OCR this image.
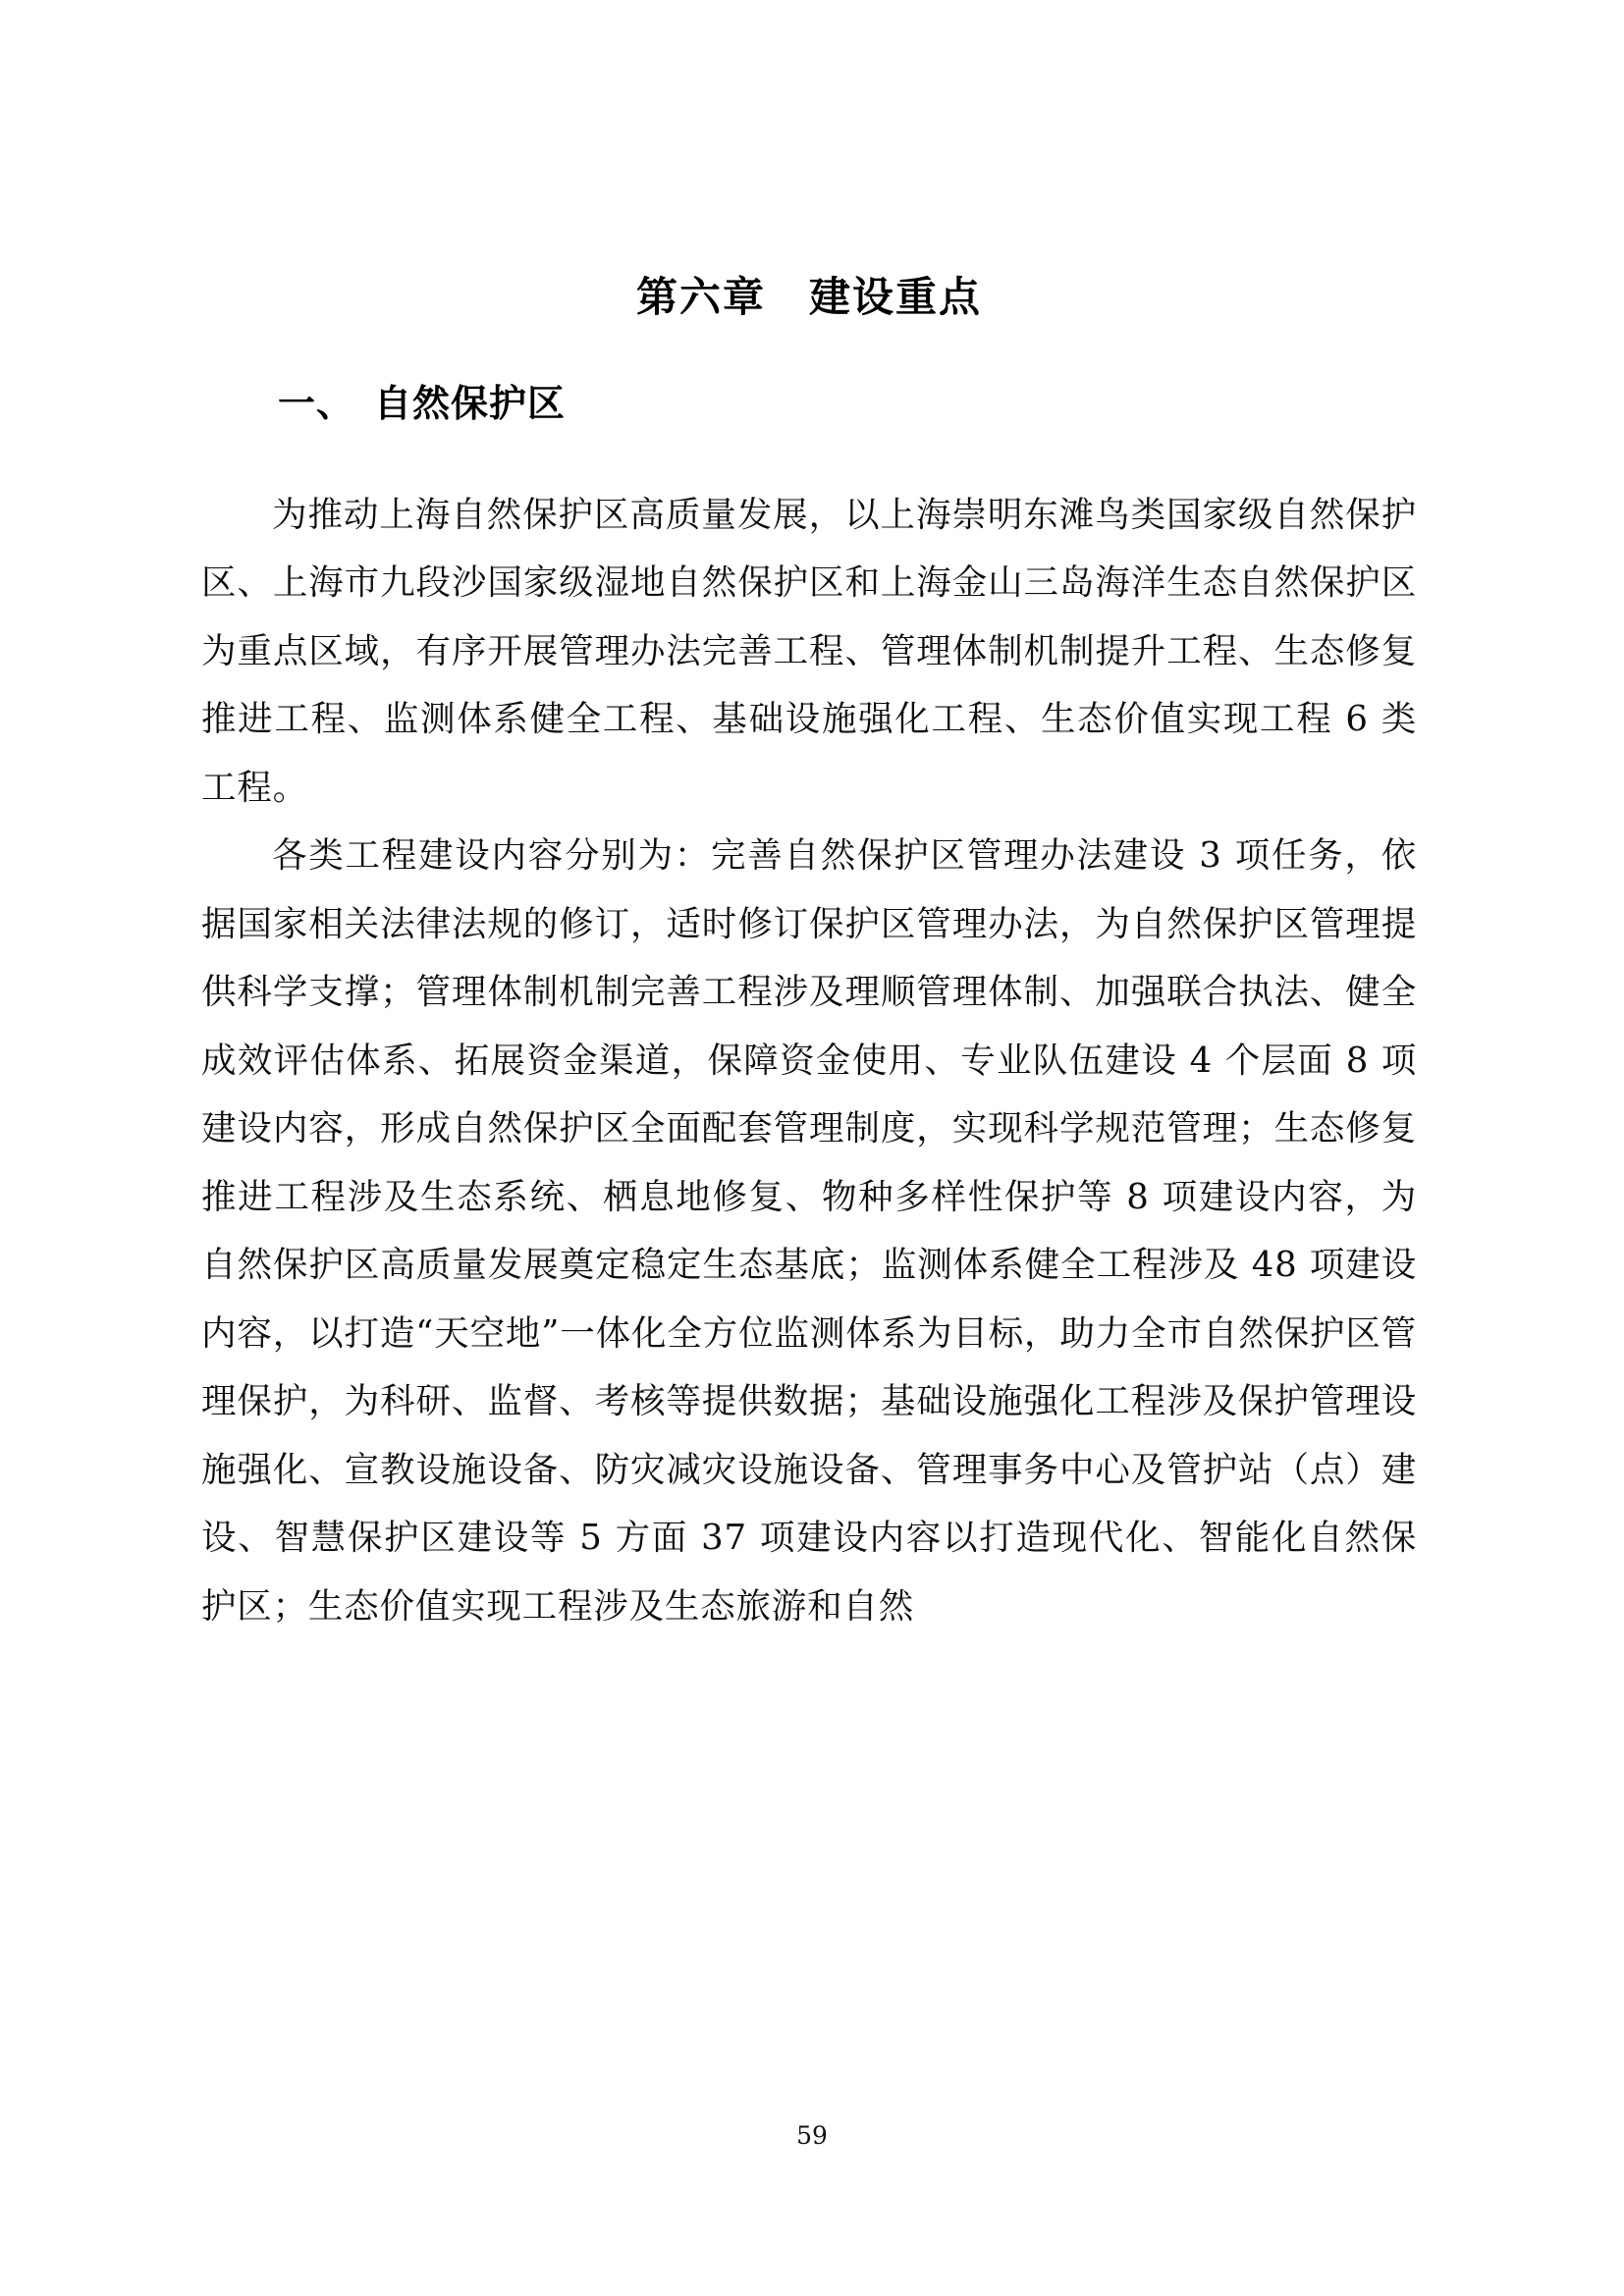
第六章　建设重点
一、　自然保护区

为推动上海自然保护区高质量发展，以上海崇明东滩鸟类国家级自然保护区、上海市九段沙国家级湿地自然保护区和上海金山三岛海洋生态自然保护区为重点区域，有序开展管理办法完善工程、管理体制机制提升工程、生态修复推进工程、监测体系健全工程、基础设施强化工程、生态价值实现工程 6 类工程。

各类工程建设内容分别为：完善自然保护区管理办法建设 3 项任务，依据国家相关法律法规的修订，适时修订保护区管理办法，为自然保护区管理提供科学支撑；管理体制机制完善工程涉及理顺管理体制、加强联合执法、健全成效评估体系、拓展资金渠道，保障资金使用、专业队伍建设 4 个层面 8 项建设内容，形成自然保护区全面配套管理制度，实现科学规范管理；生态修复推进工程涉及生态系统、栖息地修复、物种多样性保护等 8 项建设内容，为自然保护区高质量发展奠定稳定生态基底；监测体系健全工程涉及 48 项建设内容，以打造“天空地”一体化全方位监测体系为目标，助力全市自然保护区管理保护，为科研、监督、考核等提供数据；基础设施强化工程涉及保护管理设施强化、宣教设施设备、防灾减灾设施设备、管理事务中心及管护站（点）建设、智慧保护区建设等 5 方面 37 项建设内容以打造现代化、智能化自然保护区；生态价值实现工程涉及生态旅游和自然

59
